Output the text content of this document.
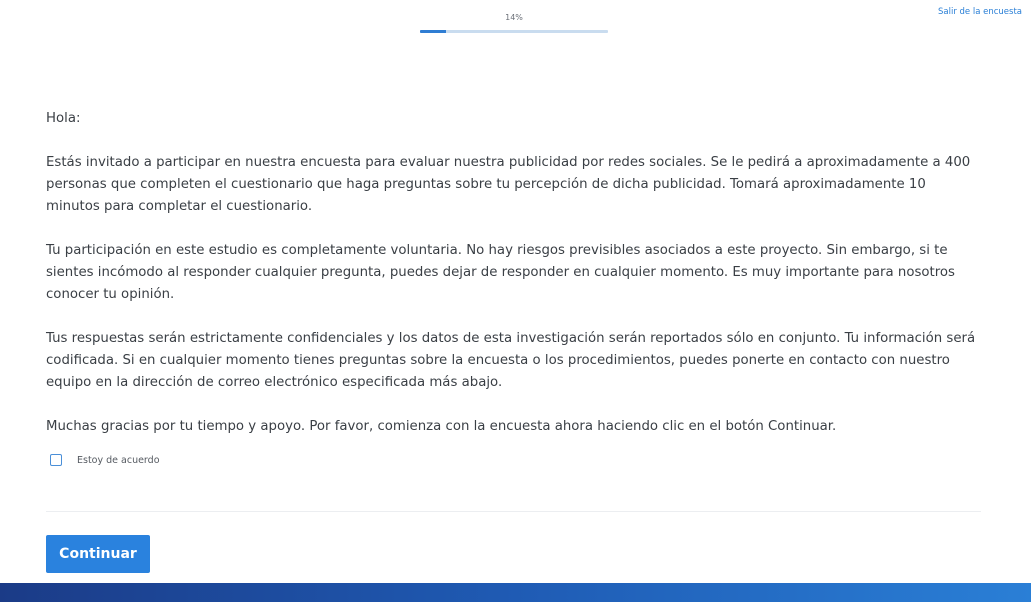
14%
Salir de la encuesta

Hola:

Estás invitado a participar en nuestra encuesta para evaluar nuestra publicidad por redes sociales. Se le pedirá a aproximadamente a 400 personas que completen el cuestionario que haga preguntas sobre tu percepción de dicha publicidad. Tomará aproximadamente 10 minutos para completar el cuestionario.

Tu participación en este estudio es completamente voluntaria. No hay riesgos previsibles asociados a este proyecto. Sin embargo, si te sientes incómodo al responder cualquier pregunta, puedes dejar de responder en cualquier momento. Es muy importante para nosotros conocer tu opinión.

Tus respuestas serán estrictamente confidenciales y los datos de esta investigación serán reportados sólo en conjunto. Tu información será codificada. Si en cualquier momento tienes preguntas sobre la encuesta o los procedimientos, puedes ponerte en contacto con nuestro equipo en la dirección de correo electrónico especificada más abajo.

Muchas gracias por tu tiempo y apoyo. Por favor, comienza con la encuesta ahora haciendo clic en el botón Continuar.

Estoy de acuerdo
Continuar
